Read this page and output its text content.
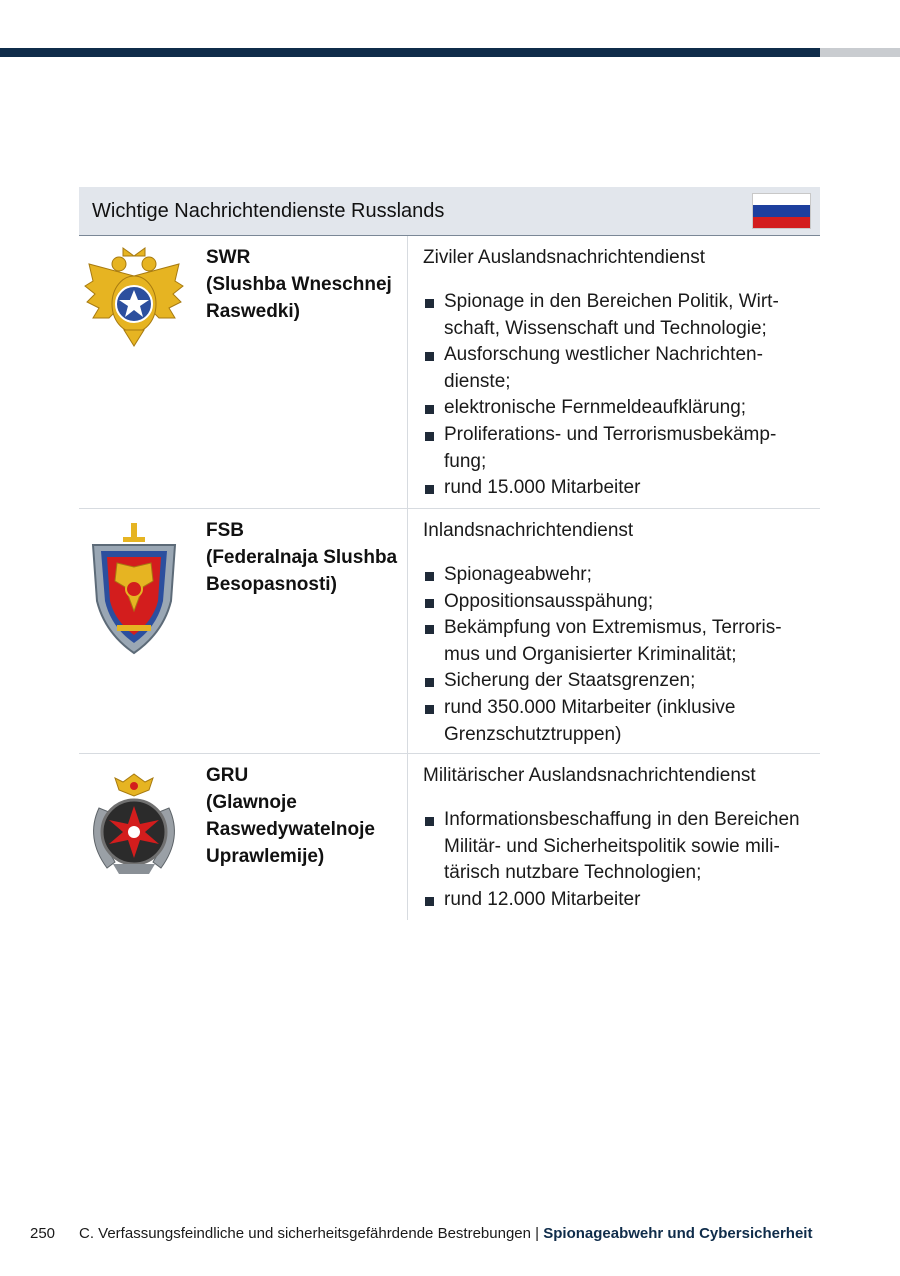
Wichtige Nachrichtendienste Russlands
SWR
(Slushba Wneschnej
Raswedki)
Ziviler Auslandsnachrichtendienst
Spionage in den Bereichen Politik, Wirt-schaft, Wissenschaft und Technologie;
Ausforschung westlicher Nachrichten-dienste;
elektronische Fernmeldeaufklärung;
Proliferations- und Terrorismusbekämp-fung;
rund 15.000 Mitarbeiter
FSB
(Federalnaja Slushba
Besopasnosti)
Inlandsnachrichtendienst
Spionageabwehr;
Oppositionsausspähung;
Bekämpfung von Extremismus, Terroris-mus und Organisierter Kriminalität;
Sicherung der Staatsgrenzen;
rund 350.000 Mitarbeiter (inklusive Grenzschutztruppen)
GRU
(Glawnoje
Raswedywatelnoje
Uprawlemije)
Militärischer Auslandsnachrichtendienst
Informationsbeschaffung in den Bereichen Militär- und Sicherheitspolitik sowie mili-tärisch nutzbare Technologien;
rund 12.000 Mitarbeiter
250 C. Verfassungsfeindliche und sicherheitsgefährdende Bestrebungen | Spionageabwehr und Cybersicherheit
